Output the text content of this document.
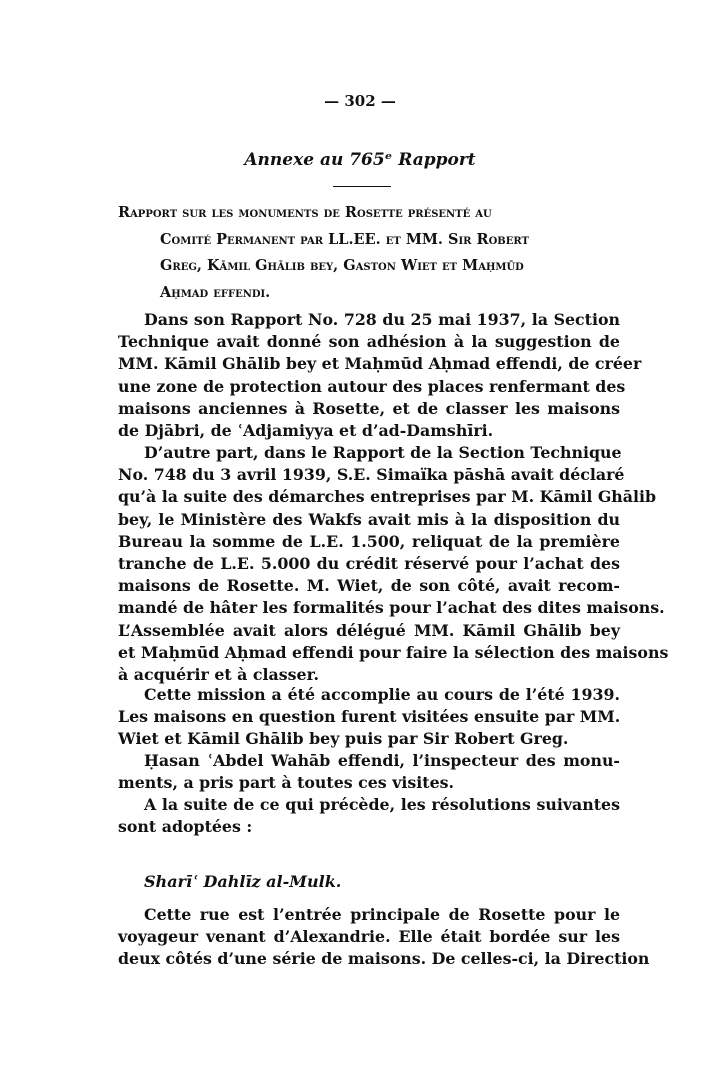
— 302 —
Annexe au 765ᵉ Rapport
Rapport sur les monuments de Rosette présenté au
Comité Permanent par LL.EE. et MM. Sir Robert
Greg, Kāmil Ghālib bey, Gaston Wiet et Maḥmūd
Aḥmad effendi.
Dans son Rapport No. 728 du 25 mai 1937, la Section
Technique avait donné son adhésion à la suggestion de
MM. Kāmil Ghālib bey et Maḥmūd Aḥmad effendi, de créer
une zone de protection autour des places renfermant des
maisons anciennes à Rosette, et de classer les maisons
de Djābri, de ʿAdjamiyya et d’ad-Damshīri.
D’autre part, dans le Rapport de la Section Technique
No. 748 du 3 avril 1939, S.E. Simaïka pāshā avait déclaré
qu’à la suite des démarches entreprises par M. Kāmil Ghālib
bey, le Ministère des Wakfs avait mis à la disposition du
Bureau la somme de L.E. 1.500, reliquat de la première
tranche de L.E. 5.000 du crédit réservé pour l’achat des
maisons de Rosette. M. Wiet, de son côté, avait recom-
mandé de hâter les formalités pour l’achat des dites maisons.
L’Assemblée avait alors délégué MM. Kāmil Ghālib bey
et Maḥmūd Aḥmad effendi pour faire la sélection des maisons
à acquérir et à classer.
Cette mission a été accomplie au cours de l’été 1939.
Les maisons en question furent visitées ensuite par MM.
Wiet et Kāmil Ghālib bey puis par Sir Robert Greg.
Ḥasan ʿAbdel Wahāb effendi, l’inspecteur des monu-
ments, a pris part à toutes ces visites.
A la suite de ce qui précède, les résolutions suivantes
sont adoptées :
Sharīʿ Dahlīz al-Mulk.
Cette rue est l’entrée principale de Rosette pour le
voyageur venant d’Alexandrie. Elle était bordée sur les
deux côtés d’une série de maisons. De celles-ci, la Direction
